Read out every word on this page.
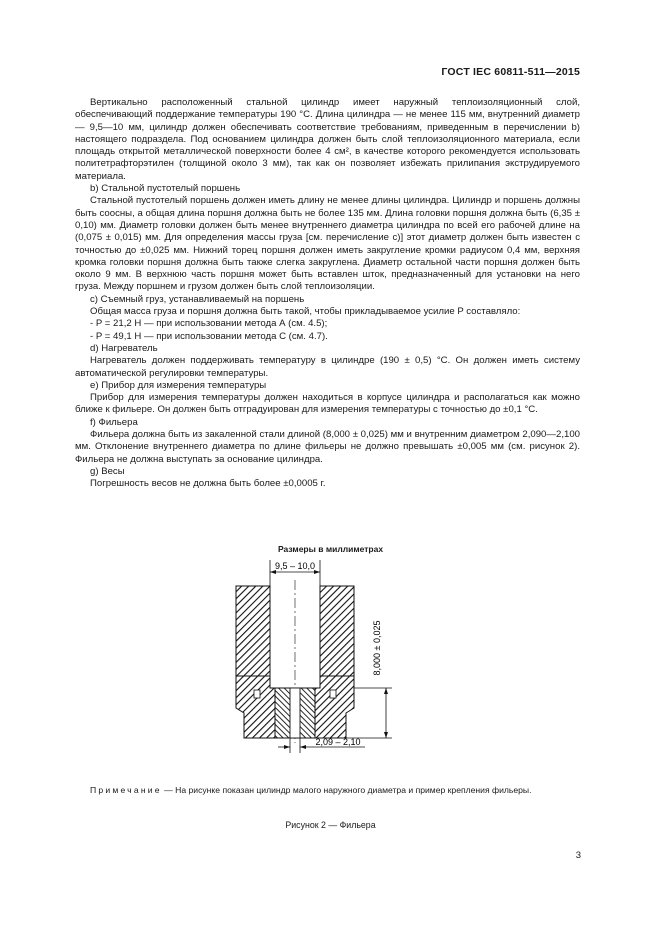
ГОСТ IEC 60811-511—2015

Вертикально расположенный стальной цилиндр имеет наружный теплоизоляционный слой, обеспечивающий поддержание температуры 190 °С. Длина цилиндра — не менее 115 мм, внутренний диаметр — 9,5—10 мм, цилиндр должен обеспечивать соответствие требованиям, приведенным в перечислении b) настоящего подраздела. Под основанием цилиндра должен быть слой теплоизоляционного материала, если площадь открытой металлической поверхности более 4 см², в качестве которого рекомендуется использовать политетрафторэтилен (толщиной около 3 мм), так как он позволяет избежать прилипания экструдируемого материала.

b) Стальной пустотелый поршень

Стальной пустотелый поршень должен иметь длину не менее длины цилиндра. Цилиндр и поршень должны быть соосны, а общая длина поршня должна быть не более 135 мм. Длина головки поршня должна быть (6,35 ± 0,10) мм. Диаметр головки должен быть менее внутреннего диаметра цилиндра по всей его рабочей длине на (0,075 ± 0,015) мм. Для определения массы груза [см. перечисление с)] этот диаметр должен быть известен с точностью до ±0,025 мм. Нижний торец поршня должен иметь закругление кромки радиусом 0,4 мм, верхняя кромка головки поршня должна быть также слегка закруглена. Диаметр остальной части поршня должен быть около 9 мм. В верхнюю часть поршня может быть вставлен шток, предназначенный для установки на него груза. Между поршнем и грузом должен быть слой теплоизоляции.

c) Съемный груз, устанавливаемый на поршень

Общая масса груза и поршня должна быть такой, чтобы прикладываемое усилие P составляло:

- P = 21,2 H — при использовании метода А (см. 4.5);

- P = 49,1 H — при использовании метода С (см. 4.7).

d) Нагреватель

Нагреватель должен поддерживать температуру в цилиндре (190 ± 0,5) °С. Он должен иметь систему автоматической регулировки температуры.

e) Прибор для измерения температуры

Прибор для измерения температуры должен находиться в корпусе цилиндра и располагаться как можно ближе к фильере. Он должен быть отградуирован для измерения температуры с точностью до ±0,1 °С.

f) Фильера

Фильера должна быть из закаленной стали длиной (8,000 ± 0,025) мм и внутренним диаметром 2,090—2,100 мм. Отклонение внутреннего диаметра по длине фильеры не должно превышать ±0,005 мм (см. рисунок 2). Фильера не должна выступать за основание цилиндра.

g) Весы

Погрешность весов не должна быть более ±0,0005 г.

Размеры в миллиметрах
9,5 – 10,0
8,000 ± 0,025
2,09 – 2,10
Примечание — На рисунке показан цилиндр малого наружного диаметра и пример крепления фильеры.
Рисунок 2 — Фильера
3
